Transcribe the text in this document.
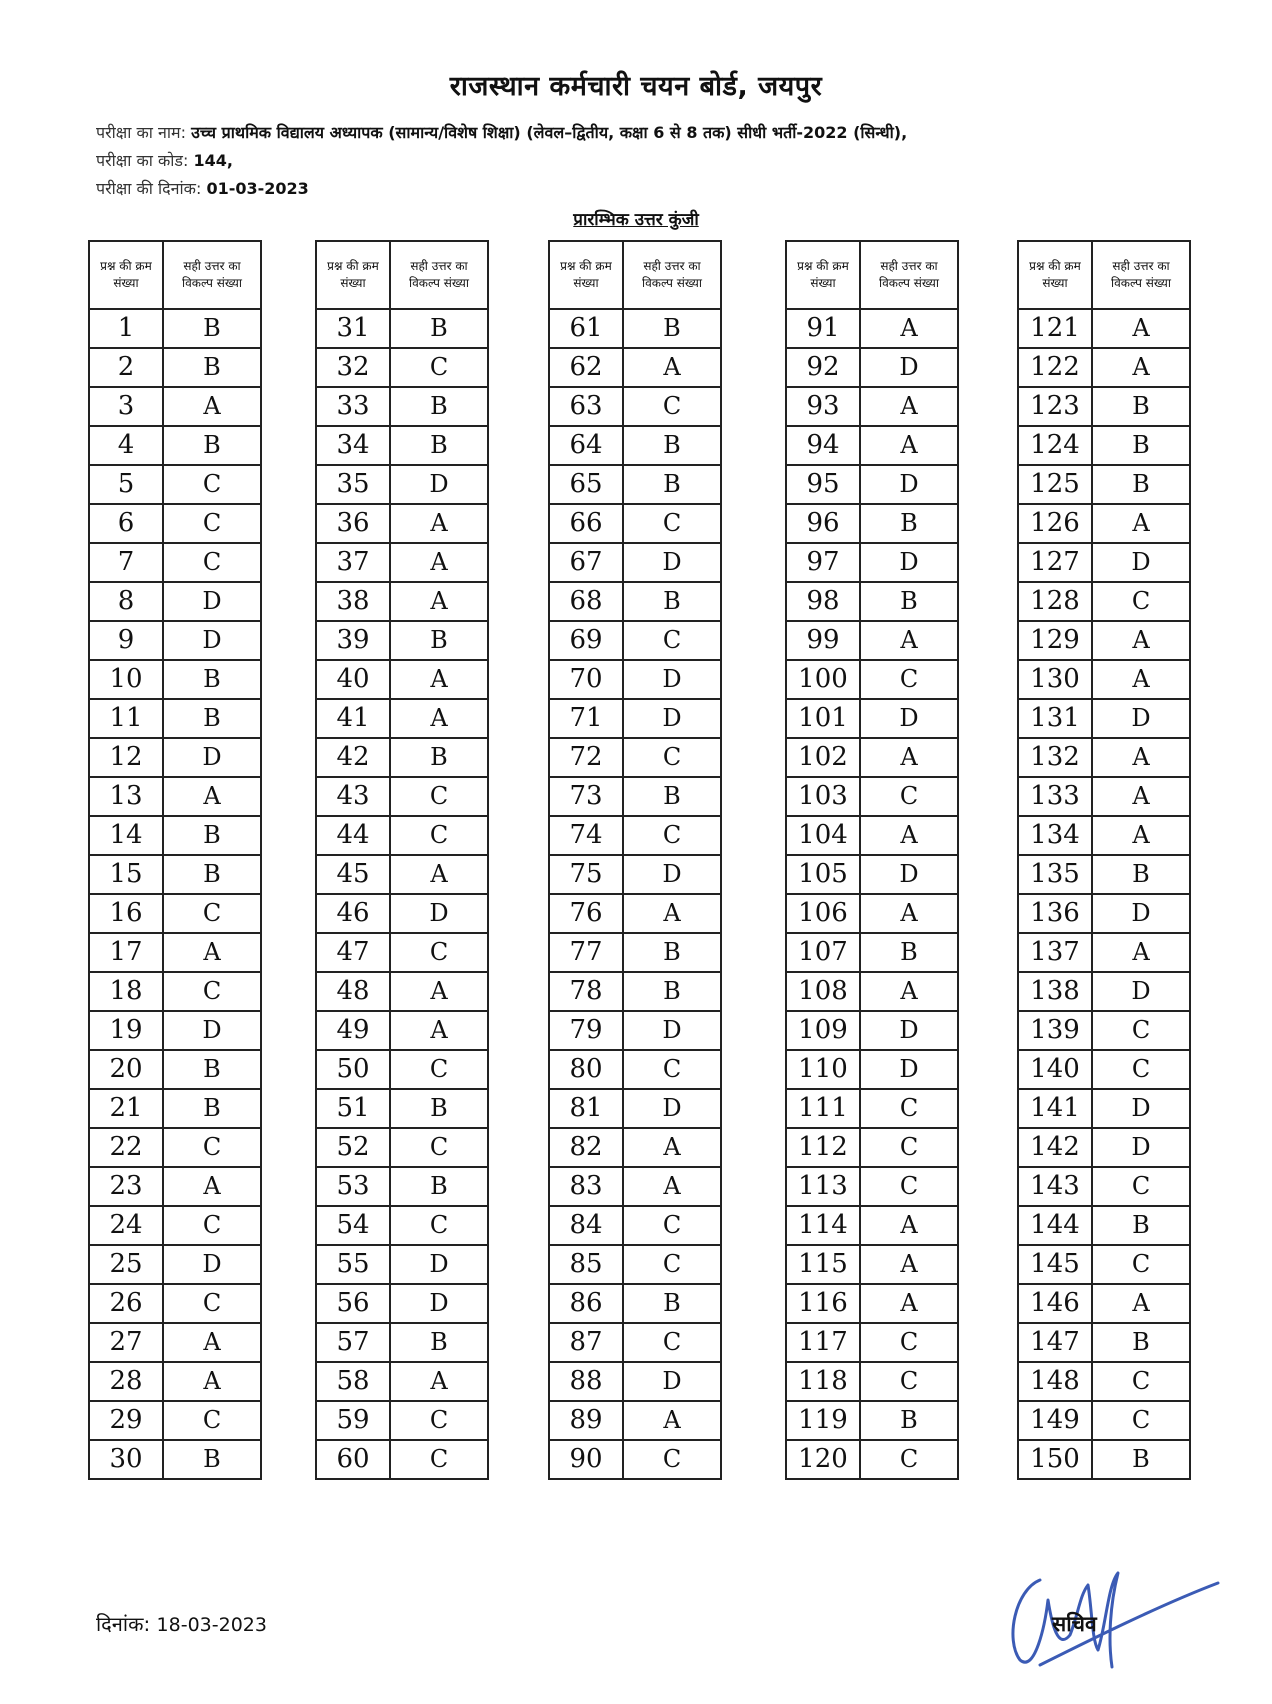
राजस्थान कर्मचारी चयन बोर्ड, जयपुर
परीक्षा का नाम: उच्च प्राथमिक विद्यालय अध्यापक (सामान्य/विशेष शिक्षा) (लेवल–द्वितीय, कक्षा 6 से 8 तक) सीधी भर्ती-2022 (सिन्धी),
परीक्षा का कोड: 144,
परीक्षा की दिनांक: 01-03-2023
प्रारम्भिक उत्तर कुंजी
प्रश्न की क्रम संख्या	सही उत्तर का विकल्प संख्या
1	B
2	B
3	A
4	B
5	C
6	C
7	C
8	D
9	D
10	B
11	B
12	D
13	A
14	B
15	B
16	C
17	A
18	C
19	D
20	B
21	B
22	C
23	A
24	C
25	D
26	C
27	A
28	A
29	C
30	B
प्रश्न की क्रम संख्या	सही उत्तर का विकल्प संख्या
31	B
32	C
33	B
34	B
35	D
36	A
37	A
38	A
39	B
40	A
41	A
42	B
43	C
44	C
45	A
46	D
47	C
48	A
49	A
50	C
51	B
52	C
53	B
54	C
55	D
56	D
57	B
58	A
59	C
60	C
प्रश्न की क्रम संख्या	सही उत्तर का विकल्प संख्या
61	B
62	A
63	C
64	B
65	B
66	C
67	D
68	B
69	C
70	D
71	D
72	C
73	B
74	C
75	D
76	A
77	B
78	B
79	D
80	C
81	D
82	A
83	A
84	C
85	C
86	B
87	C
88	D
89	A
90	C
प्रश्न की क्रम संख्या	सही उत्तर का विकल्प संख्या
91	A
92	D
93	A
94	A
95	D
96	B
97	D
98	B
99	A
100	C
101	D
102	A
103	C
104	A
105	D
106	A
107	B
108	A
109	D
110	D
111	C
112	C
113	C
114	A
115	A
116	A
117	C
118	C
119	B
120	C
प्रश्न की क्रम संख्या	सही उत्तर का विकल्प संख्या
121	A
122	A
123	B
124	B
125	B
126	A
127	D
128	C
129	A
130	A
131	D
132	A
133	A
134	A
135	B
136	D
137	A
138	D
139	C
140	C
141	D
142	D
143	C
144	B
145	C
146	A
147	B
148	C
149	C
150	B
दिनांक: 18-03-2023	सचिव
